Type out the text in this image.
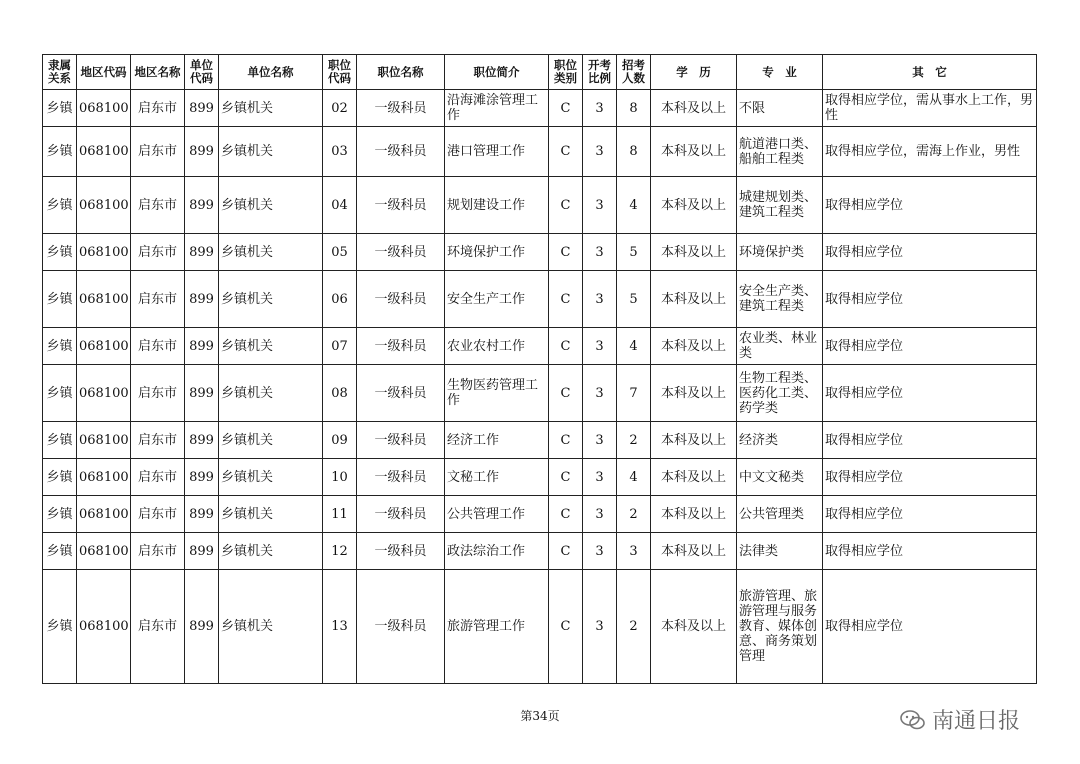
隶属关系	地区代码	地区名称	单位代码	单位名称	职位代码	职位名称	职位简介	职位类别	开考比例	招考人数	学　历	专　业	其　它
乡镇	068100	启东市	899	乡镇机关	02	一级科员	沿海滩涂管理工作	C	3	8	本科及以上	不限	取得相应学位，需从事水上工作，男性
乡镇	068100	启东市	899	乡镇机关	03	一级科员	港口管理工作	C	3	8	本科及以上	航道港口类、船舶工程类	取得相应学位，需海上作业，男性
乡镇	068100	启东市	899	乡镇机关	04	一级科员	规划建设工作	C	3	4	本科及以上	城建规划类、建筑工程类	取得相应学位
乡镇	068100	启东市	899	乡镇机关	05	一级科员	环境保护工作	C	3	5	本科及以上	环境保护类	取得相应学位
乡镇	068100	启东市	899	乡镇机关	06	一级科员	安全生产工作	C	3	5	本科及以上	安全生产类、建筑工程类	取得相应学位
乡镇	068100	启东市	899	乡镇机关	07	一级科员	农业农村工作	C	3	4	本科及以上	农业类、林业类	取得相应学位
乡镇	068100	启东市	899	乡镇机关	08	一级科员	生物医药管理工作	C	3	7	本科及以上	生物工程类、医药化工类、药学类	取得相应学位
乡镇	068100	启东市	899	乡镇机关	09	一级科员	经济工作	C	3	2	本科及以上	经济类	取得相应学位
乡镇	068100	启东市	899	乡镇机关	10	一级科员	文秘工作	C	3	4	本科及以上	中文文秘类	取得相应学位
乡镇	068100	启东市	899	乡镇机关	11	一级科员	公共管理工作	C	3	2	本科及以上	公共管理类	取得相应学位
乡镇	068100	启东市	899	乡镇机关	12	一级科员	政法综治工作	C	3	3	本科及以上	法律类	取得相应学位
乡镇	068100	启东市	899	乡镇机关	13	一级科员	旅游管理工作	C	3	2	本科及以上	旅游管理、旅游管理与服务教育、媒体创意、商务策划管理	取得相应学位
第34页	南通日报
